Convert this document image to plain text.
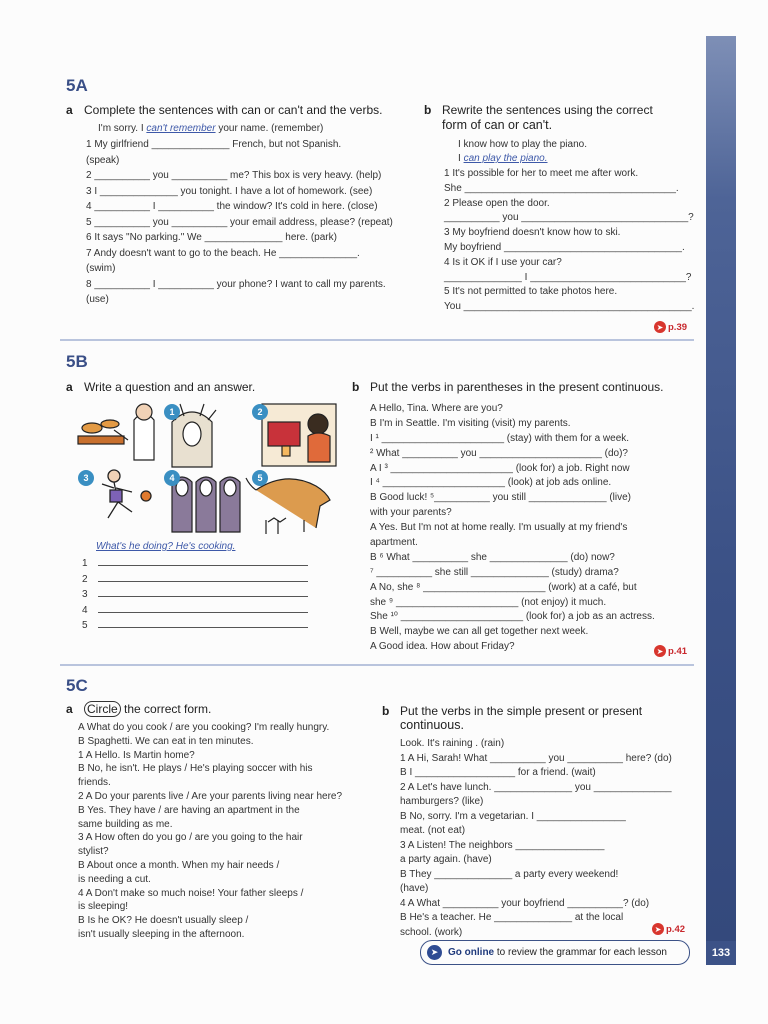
133
5A
a Complete the sentences with can or can't and the verbs.
I'm sorry. I can't remember your name. (remember)
1 My girlfriend ______________ French, but not Spanish.
(speak)
2 __________ you __________ me? This box is very heavy. (help)
3 I ______________ you tonight. I have a lot of homework. (see)
4 __________ I __________ the window? It's cold in here. (close)
5 __________ you __________ your email address, please? (repeat)
6 It says "No parking." We ______________ here. (park)
7 Andy doesn't want to go to the beach. He ______________.
(swim)
8 __________ I __________ your phone? I want to call my parents.
(use)
b Rewrite the sentences using the correct
form of can or can't.
I know how to play the piano.
I can play the piano.
1 It's possible for her to meet me after work.
She ______________________________________.
2 Please open the door.
__________ you ______________________________?
3 My boyfriend doesn't know how to ski.
My boyfriend ________________________________.
4 Is it OK if I use your car?
______________ I ____________________________?
5 It's not permitted to take photos here.
You _________________________________________.
➤ p.39
5B
a Write a question and an answer.
1	2
3	4	5
What's he doing? He's cooking.
1
2
3
4
5
b Put the verbs in parentheses in the present continuous.
A Hello, Tina. Where are you?
B I'm in Seattle. I'm visiting (visit) my parents.
I ¹ ______________________ (stay) with them for a week.
² What __________ you ______________________ (do)?
A I ³ ______________________ (look for) a job. Right now
I ⁴ ______________________ (look) at job ads online.
B Good luck! ⁵__________ you still ______________ (live)
with your parents?
A Yes. But I'm not at home really. I'm usually at my friend's
apartment.
B ⁶ What __________ she ______________ (do) now?
⁷ __________ she still ______________ (study) drama?
A No, she ⁸ ______________________ (work) at a café, but
she ⁹ ______________________ (not enjoy) it much.
She ¹⁰ ______________________ (look for) a job as an actress.
B Well, maybe we can all get together next week.
A Good idea. How about Friday?	➤ p.41
5C
a Circle the correct form.
A What do you cook / are you cooking? I'm really hungry.
B Spaghetti. We can eat in ten minutes.
1 A Hello. Is Martin home?
B No, he isn't. He plays / He's playing soccer with his
friends.
2 A Do your parents live / Are your parents living near here?
B Yes. They have / are having an apartment in the
same building as me.
3 A How often do you go / are you going to the hair
stylist?
B About once a month. When my hair needs /
is needing a cut.
4 A Don't make so much noise! Your father sleeps /
is sleeping!
B Is he OK? He doesn't usually sleep /
isn't usually sleeping in the afternoon.
b Put the verbs in the simple present or present
continuous.
Look. It's raining . (rain)
1 A Hi, Sarah! What __________ you __________ here? (do)
B I __________________ for a friend. (wait)
2 A Let's have lunch. ______________ you ______________
hamburgers? (like)
B No, sorry. I'm a vegetarian. I ________________
meat. (not eat)
3 A Listen! The neighbors ________________
a party again. (have)
B They ______________ a party every weekend!
(have)
4 A What __________ your boyfriend __________? (do)
B He's a teacher. He ______________ at the local
school. (work)	➤ p.42
➤ Go online to review the grammar for each lesson
